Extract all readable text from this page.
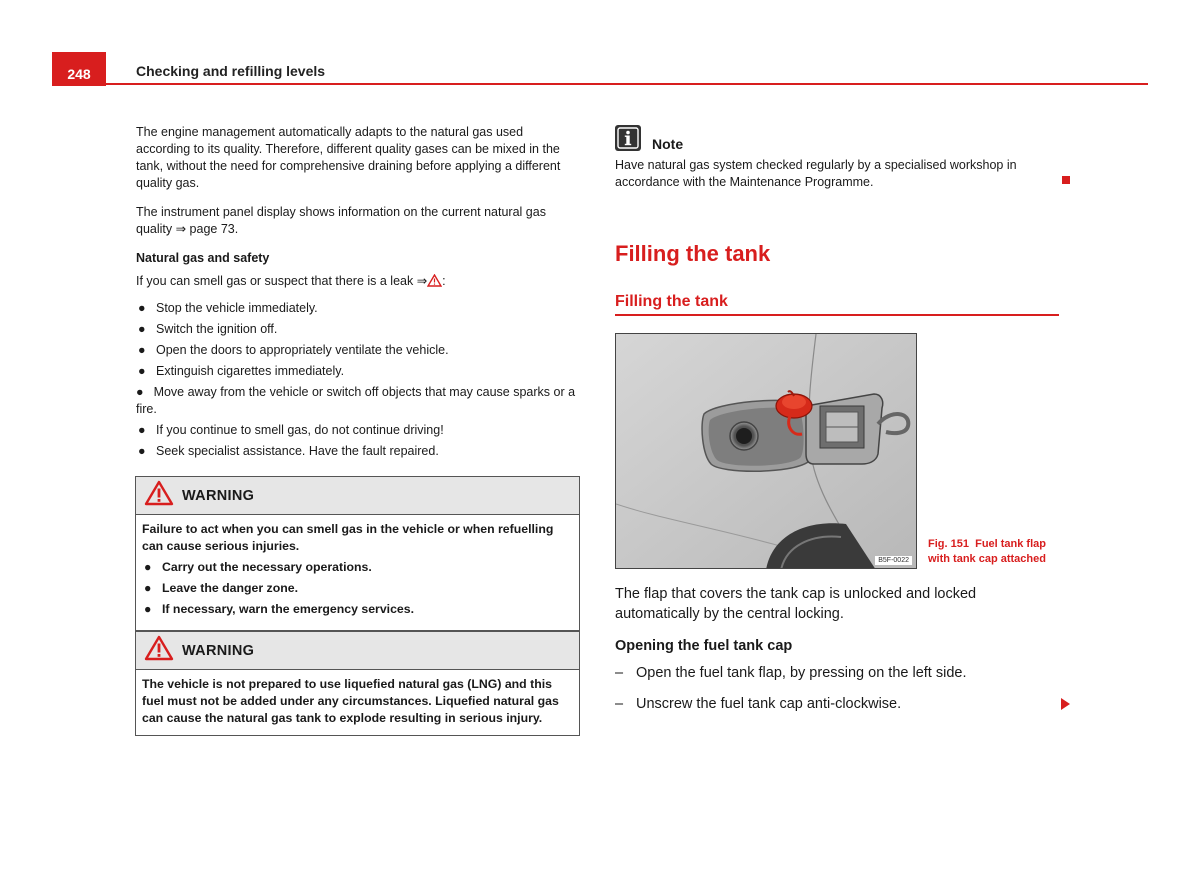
248	Checking and refilling levels

The engine management automatically adapts to the natural gas used according to its quality. Therefore, different quality gases can be mixed in the tank, without the need for comprehensive draining before applying a different quality gas.

The instrument panel display shows information on the current natural gas quality ⇒ page 73.

Natural gas and safety
If you can smell gas or suspect that there is a leak ⇒ :
● Stop the vehicle immediately.
● Switch the ignition off.
● Open the doors to appropriately ventilate the vehicle.
● Extinguish cigarettes immediately.
● Move away from the vehicle or switch off objects that may cause sparks or a fire.
● If you continue to smell gas, do not continue driving!
● Seek specialist assistance. Have the fault repaired.
WARNING
Failure to act when you can smell gas in the vehicle or when refuelling can cause serious injuries.
● Carry out the necessary operations.
● Leave the danger zone.
● If necessary, warn the emergency services.
WARNING
The vehicle is not prepared to use liquefied natural gas (LNG) and this fuel must not be added under any circumstances. Liquefied natural gas can cause the natural gas tank to explode resulting in serious injury.
Note
Have natural gas system checked regularly by a specialised workshop in accordance with the Maintenance Programme.
Filling the tank
Filling the tank
B5F-0022
Fig. 151 Fuel tank flap with tank cap attached
The flap that covers the tank cap is unlocked and locked automatically by the central locking.
Opening the fuel tank cap
– Open the fuel tank flap, by pressing on the left side.
– Unscrew the fuel tank cap anti-clockwise.
